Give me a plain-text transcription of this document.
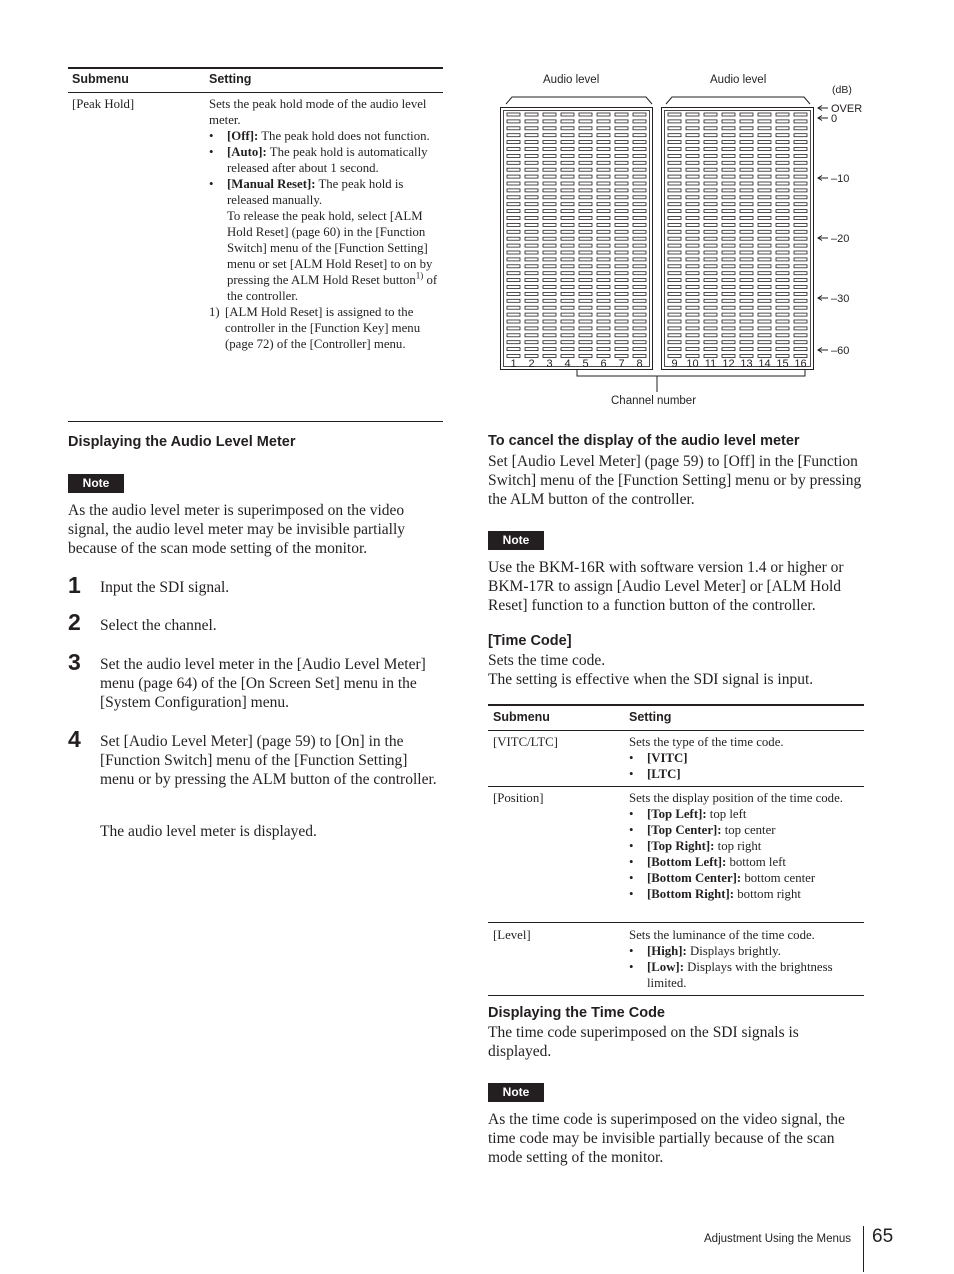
Submenu	Setting
[Peak Hold]	Sets the peak hold mode of the audio level meter.
• [Off]: The peak hold does not function.
• [Auto]: The peak hold is automatically released after about 1 second.
• [Manual Reset]: The peak hold is released manually.
To release the peak hold, select [ALM Hold Reset] (page 60) in the [Function Switch] menu of the [Function Setting] menu or set [ALM Hold Reset] to on by pressing the ALM Hold Reset button$^{1)}$ of the controller.
1) [ALM Hold Reset] is assigned to the controller in the [Function Key] menu (page 72) of the [Controller] menu.
Displaying the Audio Level Meter
Note
As the audio level meter is superimposed on the video signal, the audio level meter may be invisible partially because of the scan mode setting of the monitor.
1 Input the SDI signal.
2 Select the channel.
3 Set the audio level meter in the [Audio Level Meter] menu (page 64) of the [On Screen Set] menu in the [System Configuration] menu.
4 Set [Audio Level Meter] (page 59) to [On] in the [Function Switch] menu of the [Function Setting] menu or by pressing the ALM button of the controller.
The audio level meter is displayed.
Audio level	Audio level
(dB)
Channel number
OVER
0
–10
–20
–30
–60
1 2 3 4 5 6 7 8	9 10 11 12 13 14 15 16
To cancel the display of the audio level meter
Set [Audio Level Meter] (page 59) to [Off] in the [Function Switch] menu of the [Function Setting] menu or by pressing the ALM button of the controller.
Note
Use the BKM-16R with software version 1.4 or higher or BKM-17R to assign [Audio Level Meter] or [ALM Hold Reset] function to a function button of the controller.
[Time Code]
Sets the time code.
The setting is effective when the SDI signal is input.
Submenu	Setting
[VITC/LTC]	Sets the type of the time code.
• [VITC]
• [LTC]
[Position]	Sets the display position of the time code.
• [Top Left]: top left
• [Top Center]: top center
• [Top Right]: top right
• [Bottom Left]: bottom left
• [Bottom Center]: bottom center
• [Bottom Right]: bottom right
[Level]	Sets the luminance of the time code.
• [High]: Displays brightly.
• [Low]: Displays with the brightness limited.
Displaying the Time Code
The time code superimposed on the SDI signals is displayed.
Note
As the time code is superimposed on the video signal, the time code may be invisible partially because of the scan mode setting of the monitor.
Adjustment Using the Menus 65
